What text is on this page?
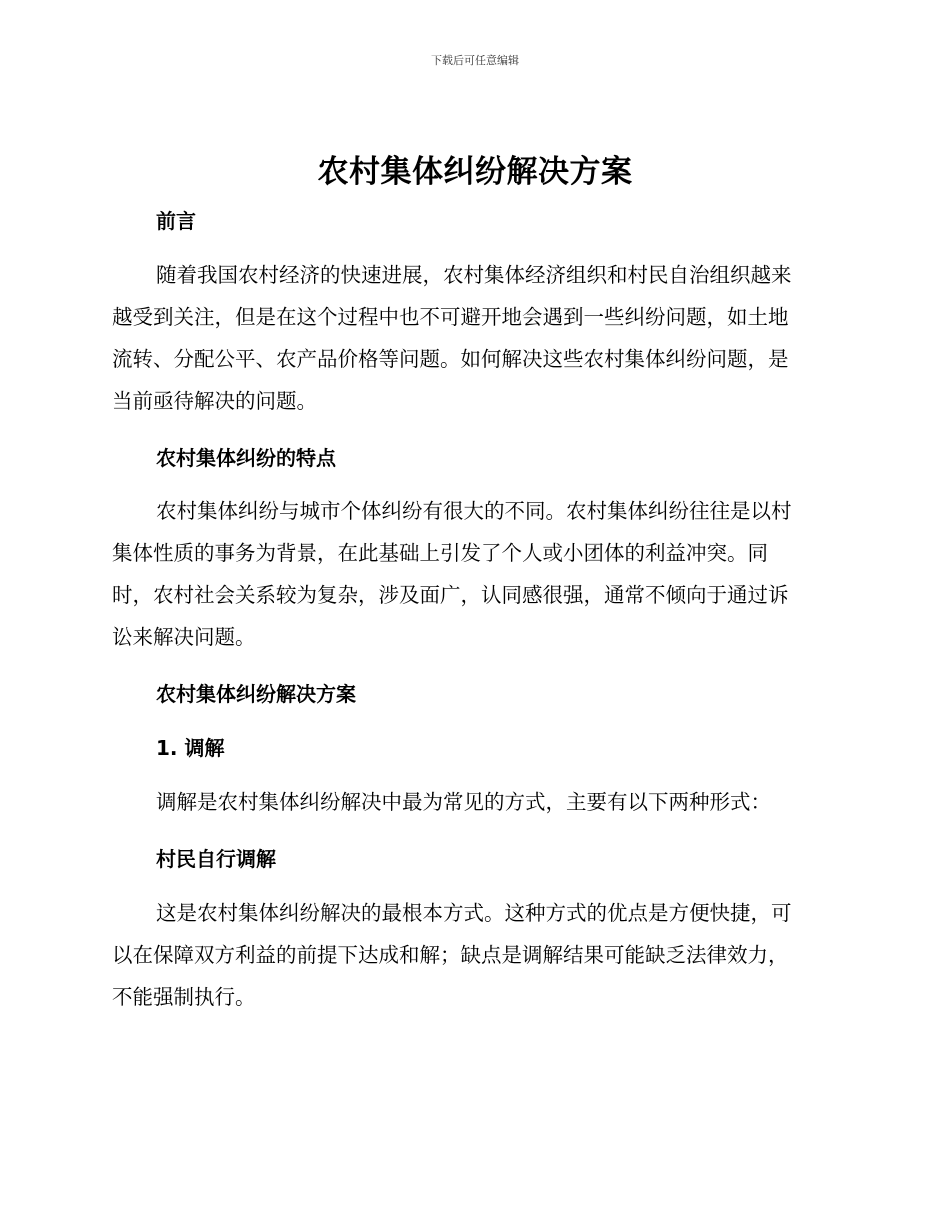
下载后可任意编辑
农村集体纠纷解决方案
前言
随着我国农村经济的快速进展，农村集体经济组织和村民自治组织越来
越受到关注，但是在这个过程中也不可避开地会遇到一些纠纷问题，如土地
流转、分配公平、农产品价格等问题。如何解决这些农村集体纠纷问题，是
当前亟待解决的问题。
农村集体纠纷的特点
农村集体纠纷与城市个体纠纷有很大的不同。农村集体纠纷往往是以村
集体性质的事务为背景，在此基础上引发了个人或小团体的利益冲突。同
时，农村社会关系较为复杂，涉及面广，认同感很强，通常不倾向于通过诉
讼来解决问题。
农村集体纠纷解决方案
1. 调解
调解是农村集体纠纷解决中最为常见的方式，主要有以下两种形式：
村民自行调解
这是农村集体纠纷解决的最根本方式。这种方式的优点是方便快捷，可
以在保障双方利益的前提下达成和解；缺点是调解结果可能缺乏法律效力，
不能强制执行。
